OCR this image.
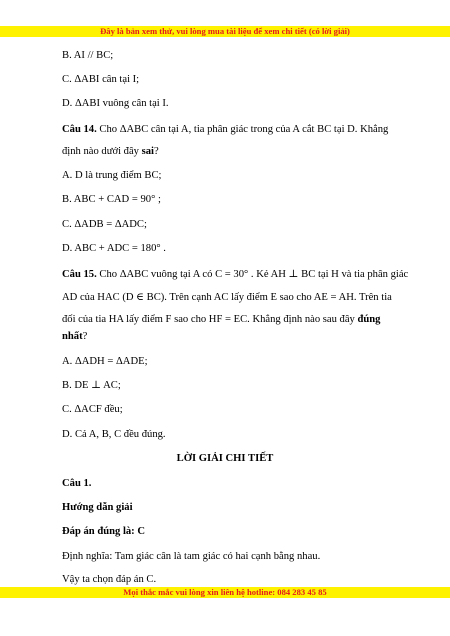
Đây là bản xem thử, vui lòng mua tài liệu để xem chi tiết (có lời giải)
B. AI // BC;
C. ΔABI cân tại I;
D. ΔABI vuông cân tại I.
Câu 14. Cho ΔABC cân tại A, tia phân giác trong của A cắt BC tại D. Khẳng
định nào dưới đây sai?
A. D là trung điểm BC;
B. ABC + CAD = 90° ;
C. ΔADB = ΔADC;
D. ABC + ADC = 180° .
Câu 15. Cho ΔABC vuông tại A có C = 30° . Kẻ AH ⊥ BC tại H và tia phân giác
AD của HAC (D ∈ BC). Trên cạnh AC lấy điểm E sao cho AE = AH. Trên tia
đối của tia HA lấy điểm F sao cho HF = EC. Khẳng định nào sau đây đúng
nhất?
A. ΔADH = ΔADE;
B. DE ⊥ AC;
C. ΔACF đều;
D. Cả A, B, C đều đúng.
LỜI GIẢI CHI TIẾT
Câu 1.
Hướng dẫn giải
Đáp án đúng là: C
Định nghĩa: Tam giác cân là tam giác có hai cạnh bằng nhau.
Vậy ta chọn đáp án C.
Mọi thắc mắc vui lòng xin liên hệ hotline: 084 283 45 85
